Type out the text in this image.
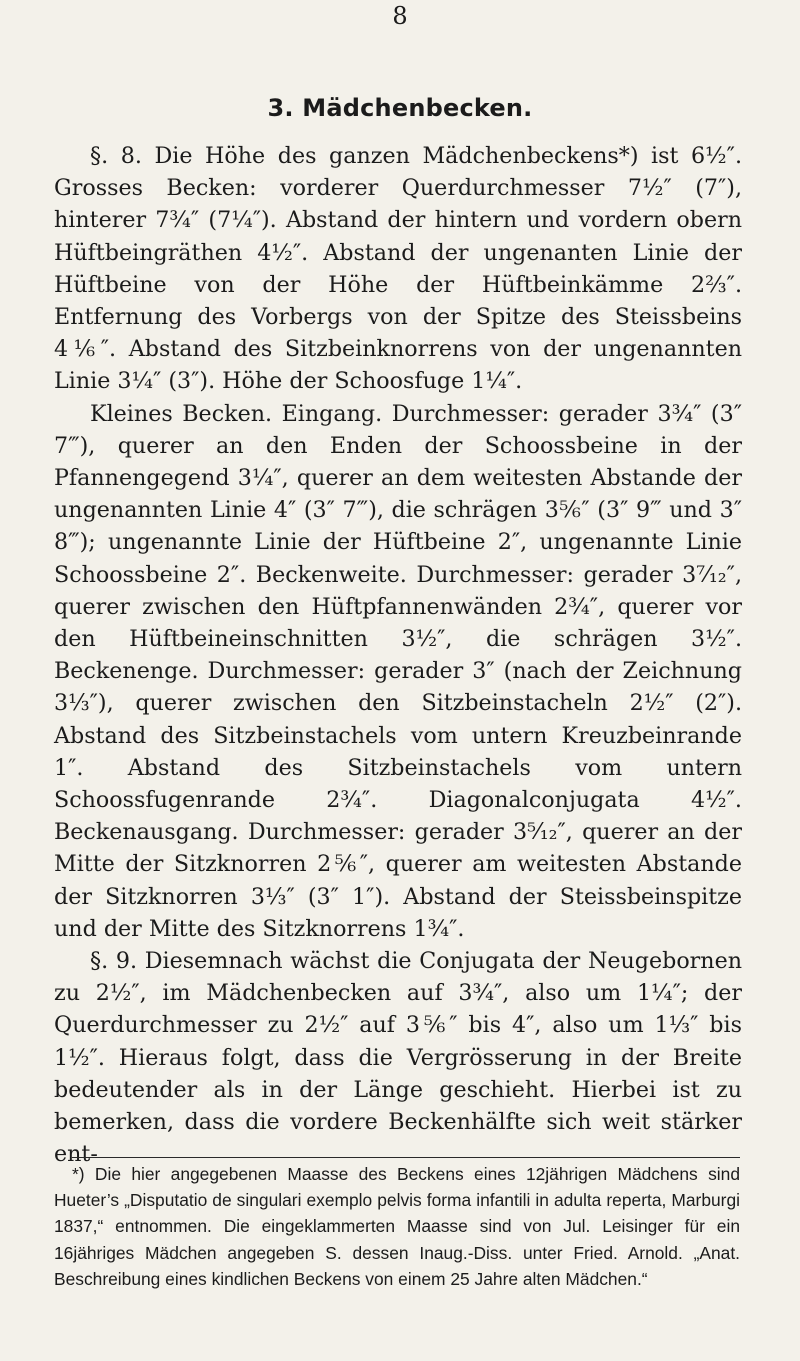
8

3. Mädchenbecken.

§. 8. Die Höhe des ganzen Mädchenbeckens*) ist 6½″. Grosses Becken: vorderer Querdurchmesser 7½″ (7″), hinterer 7¾″ (7¼″). Abstand der hintern und vordern obern Hüftbeingräthen 4½″. Abstand der ungenanten Linie der Hüftbeine von der Höhe der Hüftbeinkämme 2⅔″. Entfernung des Vorbergs von der Spitze des Steissbeins 4⅙″. Abstand des Sitzbeinknorrens von der ungenannten Linie 3¼″ (3″). Höhe der Schoosfuge 1¼″.

Kleines Becken. Eingang. Durchmesser: gerader 3¾″ (3″ 7‴), querer an den Enden der Schoossbeine in der Pfannengegend 3¼″, querer an dem weitesten Abstande der ungenannten Linie 4″ (3″ 7‴), die schrägen 3⅚″ (3″ 9‴ und 3″ 8‴); ungenannte Linie der Hüftbeine 2″, ungenannte Linie Schoossbeine 2″. Beckenweite. Durchmesser: gerader 3⁷⁄₁₂″, querer zwischen den Hüftpfannenwänden 2¾″, querer vor den Hüftbeineinschnitten 3½″, die schrägen 3½″. Beckenenge. Durchmesser: gerader 3″ (nach der Zeichnung 3⅓″), querer zwischen den Sitzbeinstacheln 2½″ (2″). Abstand des Sitzbeinstachels vom untern Kreuzbeinrande 1″. Abstand des Sitzbeinstachels vom untern Schoossfugenrande 2¾″. Diagonalconjugata 4½″. Beckenausgang. Durchmesser: gerader 3⁵⁄₁₂″, querer an der Mitte der Sitzknorren 2⅚″, querer am weitesten Abstande der Sitzknorren 3⅓″ (3″ 1″). Abstand der Steissbeinspitze und der Mitte des Sitzknorrens 1¾″.

§. 9. Diesemnach wächst die Conjugata der Neugebornen zu 2½″, im Mädchenbecken auf 3¾″, also um 1¼″; der Querdurchmesser zu 2½″ auf 3⅚″ bis 4″, also um 1⅓″ bis 1½″. Hieraus folgt, dass die Vergrösserung in der Breite bedeutender als in der Länge geschieht. Hierbei ist zu bemerken, dass die vordere Beckenhälfte sich weit stärker ent-

*) Die hier angegebenen Maasse des Beckens eines 12jährigen Mädchens sind Hueter’s „Disputatio de singulari exemplo pelvis forma infantili in adulta reperta, Marburgi 1837,“ entnommen. Die eingeklammerten Maasse sind von Jul. Leisinger für ein 16jähriges Mädchen angegeben S. dessen Inaug.-Diss. unter Fried. Arnold. „Anat. Beschreibung eines kindlichen Beckens von einem 25 Jahre alten Mädchen.“
